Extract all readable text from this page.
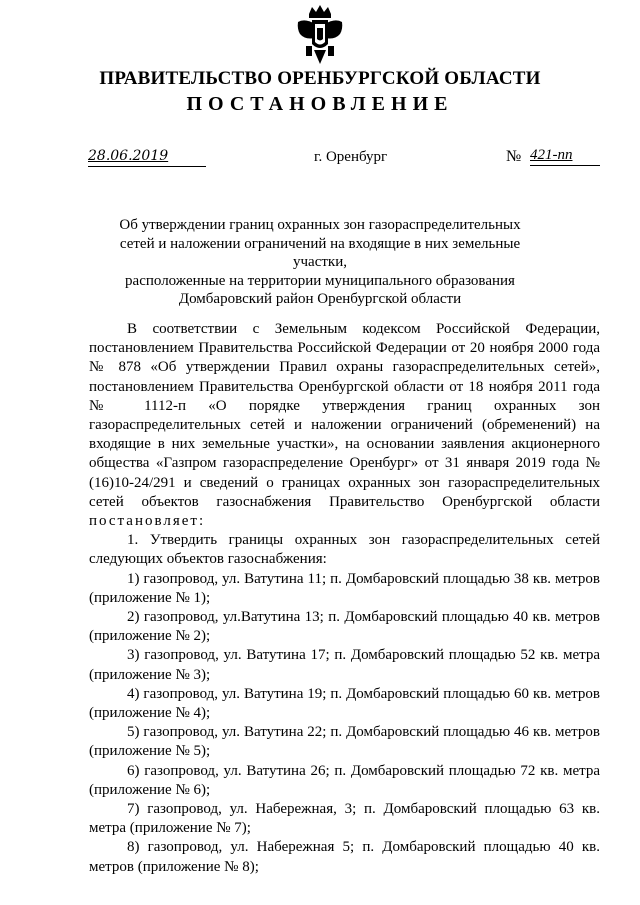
ПРАВИТЕЛЬСТВО ОРЕНБУРГСКОЙ ОБЛАСТИ
ПОСТАНОВЛЕНИЕ
28.06.2019	г. Оренбург	№ 421-пп
Об утверждении границ охранных зон газораспределительных
сетей и наложении ограничений на входящие в них земельные участки,
расположенные на территории муниципального образования
Домбаровский район Оренбургской области

В соответствии с Земельным кодексом Российской Федерации, постановлением Правительства Российской Федерации от 20 ноября 2000 года № 878 «Об утверждении Правил охраны газораспределительных сетей», постановлением Правительства Оренбургской области от 18 ноября 2011 года № 1112-п «О порядке утверждения границ охранных зон газораспределительных сетей и наложении ограничений (обременений) на входящие в них земельные участки», на основании заявления акционерного общества «Газпром газораспределение Оренбург» от 31 января 2019 года № (16)10-24/291 и сведений о границах охранных зон газораспределительных сетей объектов газоснабжения Правительство Оренбургской области постановляет:

1. Утвердить границы охранных зон газораспределительных сетей следующих объектов газоснабжения:

1) газопровод, ул. Ватутина 11; п. Домбаровский площадью 38 кв. метров (приложение № 1);

2) газопровод, ул.Ватутина 13; п. Домбаровский площадью 40 кв. метров (приложение № 2);

3) газопровод, ул. Ватутина 17; п. Домбаровский площадью 52 кв. метра (приложение № 3);

4) газопровод, ул. Ватутина 19; п. Домбаровский площадью 60 кв. метров (приложение № 4);

5) газопровод, ул. Ватутина 22; п. Домбаровский площадью 46 кв. метров (приложение № 5);

6) газопровод, ул. Ватутина 26; п. Домбаровский площадью 72 кв. метра (приложение № 6);

7) газопровод, ул. Набережная, 3; п. Домбаровский площадью 63 кв. метра (приложение № 7);

8) газопровод, ул. Набережная 5; п. Домбаровский площадью 40 кв. метров (приложение № 8);
